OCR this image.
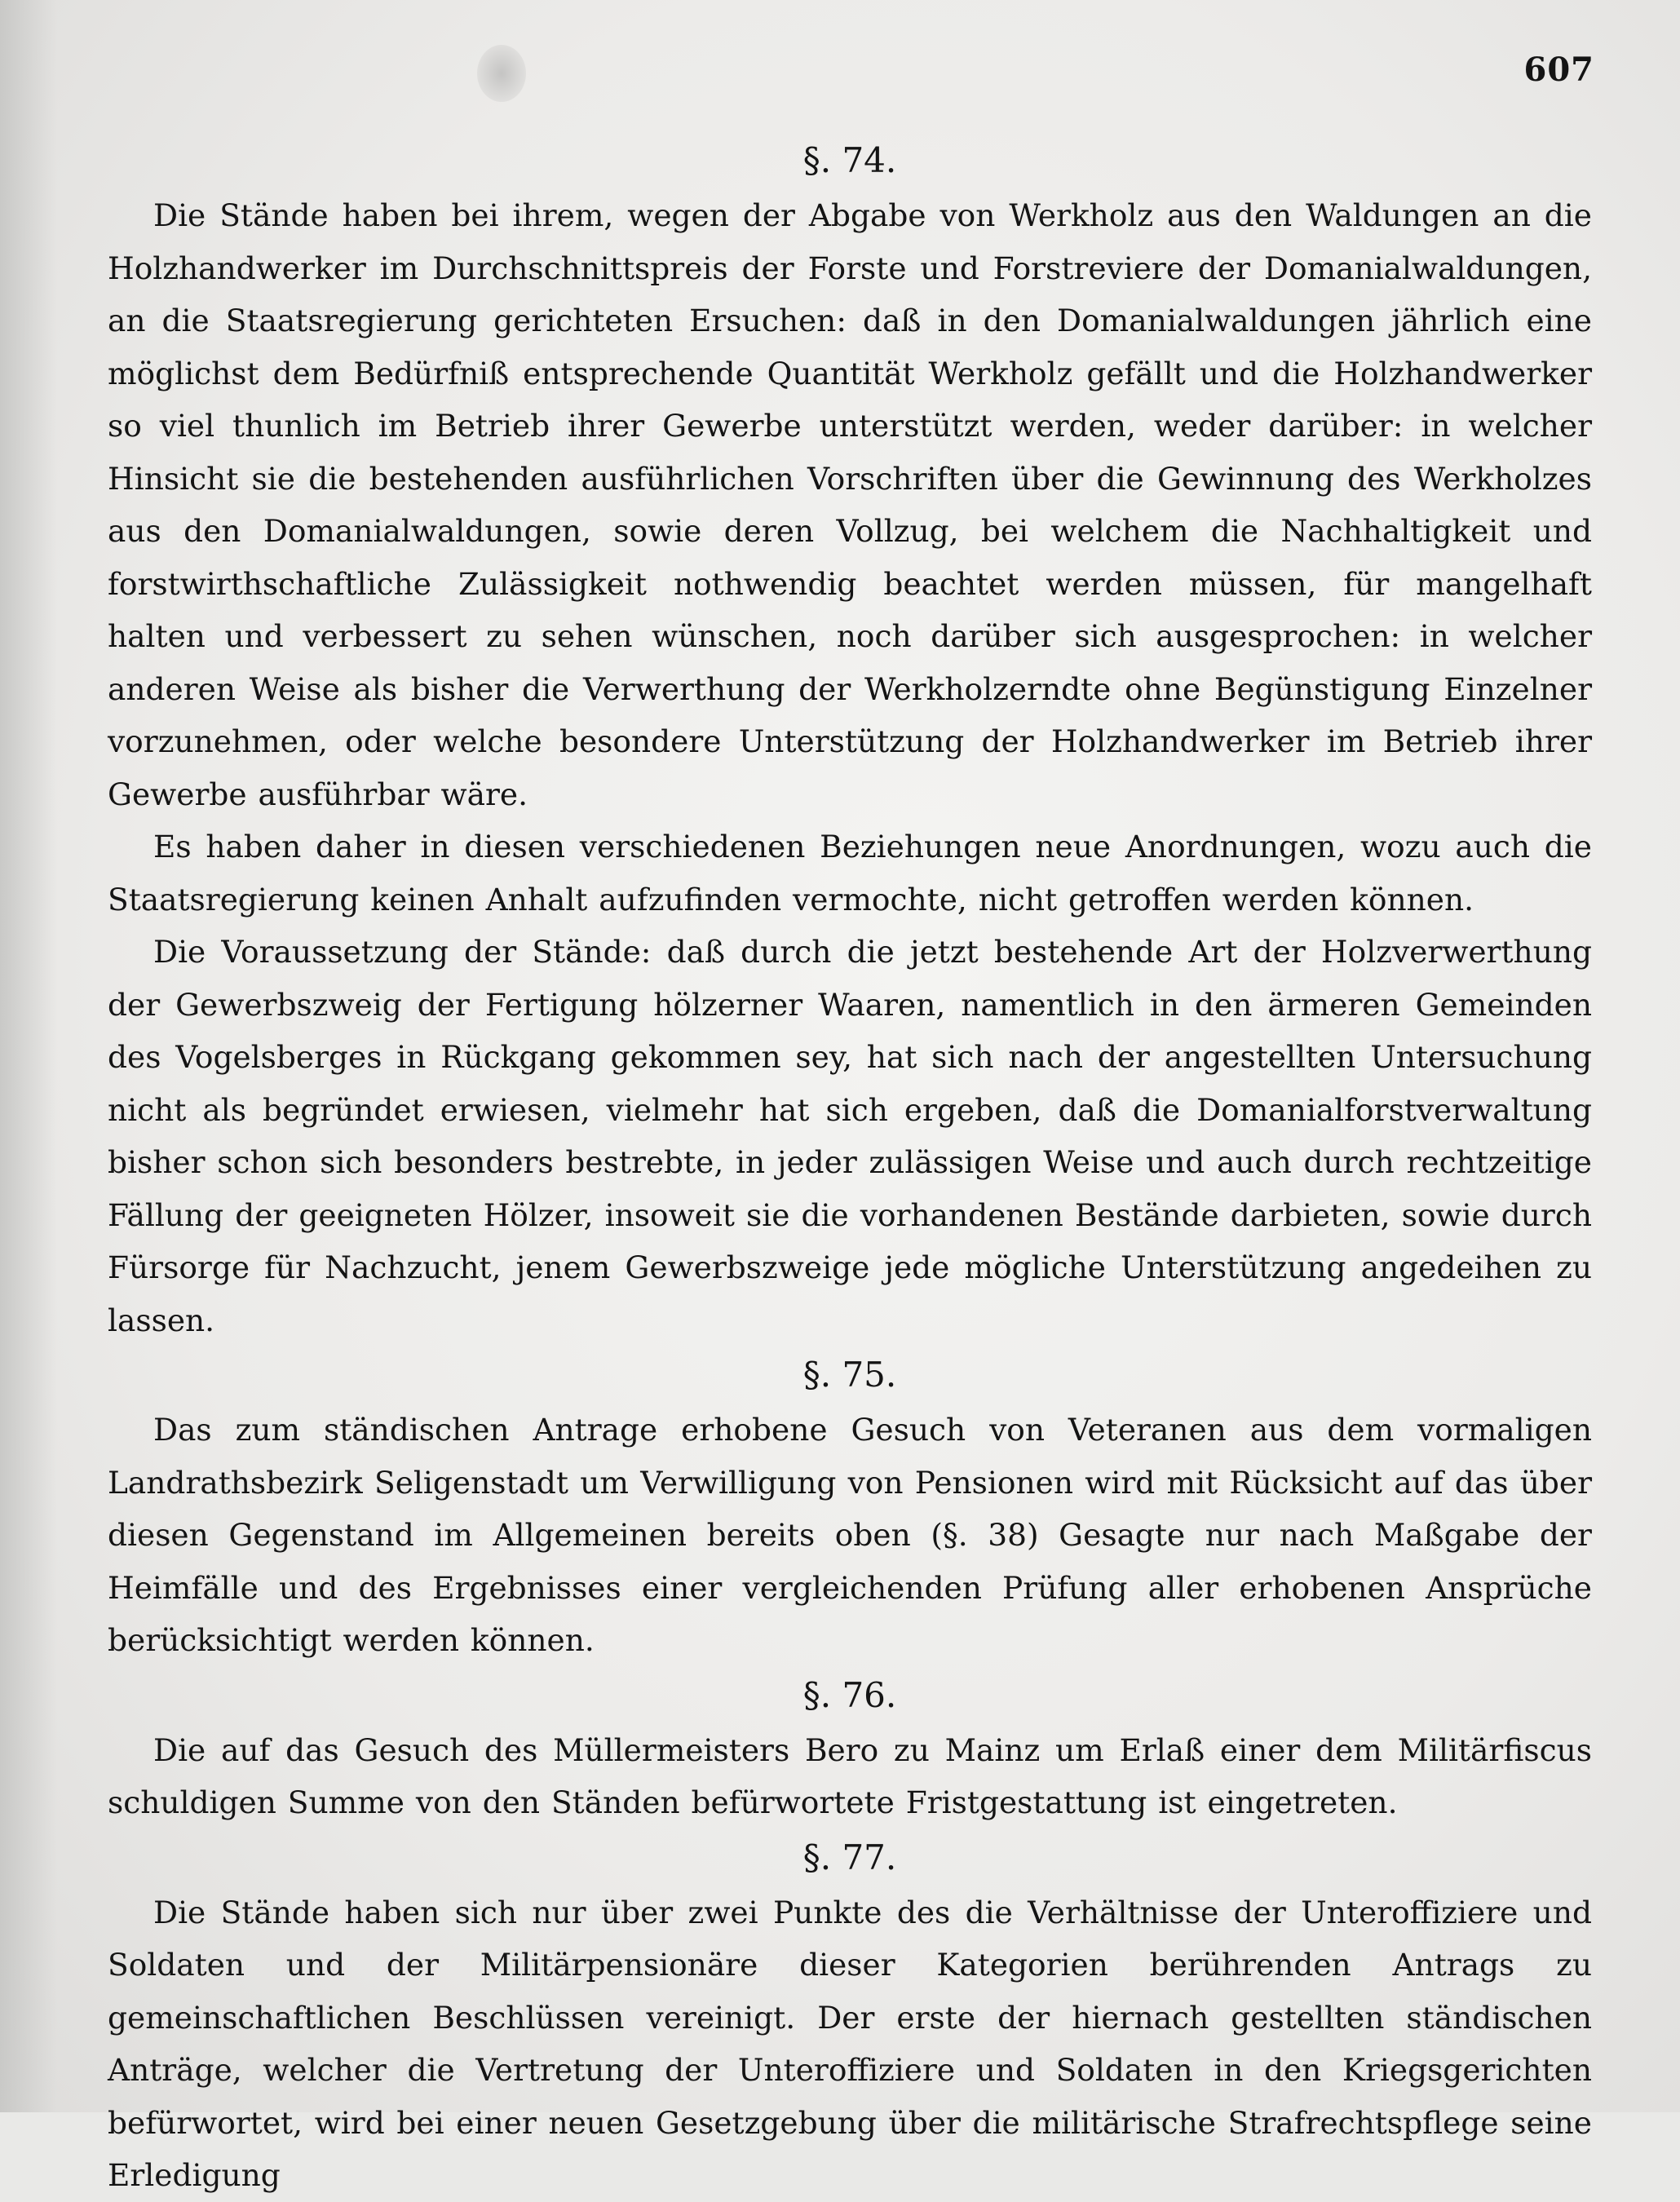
607
§. 74.

Die Stände haben bei ihrem, wegen der Abgabe von Werkholz aus den Waldungen an die Holzhandwerker im Durchschnittspreis der Forste und Forstreviere der Domanialwaldungen, an die Staatsregierung gerichteten Ersuchen: daß in den Domanialwaldungen jährlich eine möglichst dem Bedürfniß entsprechende Quantität Werkholz gefällt und die Holzhandwerker so viel thunlich im Betrieb ihrer Gewerbe unterstützt werden, weder darüber: in welcher Hinsicht sie die bestehenden ausführlichen Vorschriften über die Gewinnung des Werkholzes aus den Domanialwaldungen, sowie deren Vollzug, bei welchem die Nachhaltigkeit und forstwirthschaftliche Zulässigkeit nothwendig beachtet werden müssen, für mangelhaft halten und verbessert zu sehen wünschen, noch darüber sich ausgesprochen: in welcher anderen Weise als bisher die Verwerthung der Werkholzerndte ohne Begünstigung Einzelner vorzunehmen, oder welche besondere Unterstützung der Holzhandwerker im Betrieb ihrer Gewerbe ausführbar wäre.

Es haben daher in diesen verschiedenen Beziehungen neue Anordnungen, wozu auch die Staatsregierung keinen Anhalt aufzufinden vermochte, nicht getroffen werden können.

Die Voraussetzung der Stände: daß durch die jetzt bestehende Art der Holzverwerthung der Gewerbszweig der Fertigung hölzerner Waaren, namentlich in den ärmeren Gemeinden des Vogelsberges in Rückgang gekommen sey, hat sich nach der angestellten Untersuchung nicht als begründet erwiesen, vielmehr hat sich ergeben, daß die Domanialforstverwaltung bisher schon sich besonders bestrebte, in jeder zulässigen Weise und auch durch rechtzeitige Fällung der geeigneten Hölzer, insoweit sie die vorhandenen Bestände darbieten, sowie durch Fürsorge für Nachzucht, jenem Gewerbszweige jede mögliche Unterstützung angedeihen zu lassen.

§. 75.

Das zum ständischen Antrage erhobene Gesuch von Veteranen aus dem vormaligen Landrathsbezirk Seligenstadt um Verwilligung von Pensionen wird mit Rücksicht auf das über diesen Gegenstand im Allgemeinen bereits oben (§. 38) Gesagte nur nach Maßgabe der Heimfälle und des Ergebnisses einer vergleichenden Prüfung aller erhobenen Ansprüche berücksichtigt werden können.

§. 76.

Die auf das Gesuch des Müllermeisters Bero zu Mainz um Erlaß einer dem Militärfiscus schuldigen Summe von den Ständen befürwortete Fristgestattung ist eingetreten.

§. 77.

Die Stände haben sich nur über zwei Punkte des die Verhältnisse der Unteroffiziere und Soldaten und der Militärpensionäre dieser Kategorien berührenden Antrags zu gemeinschaftlichen Beschlüssen vereinigt. Der erste der hiernach gestellten ständischen Anträge, welcher die Vertretung der Unteroffiziere und Soldaten in den Kriegsgerichten befürwortet, wird bei einer neuen Gesetzgebung über die militärische Strafrechtspflege seine Erledigung
